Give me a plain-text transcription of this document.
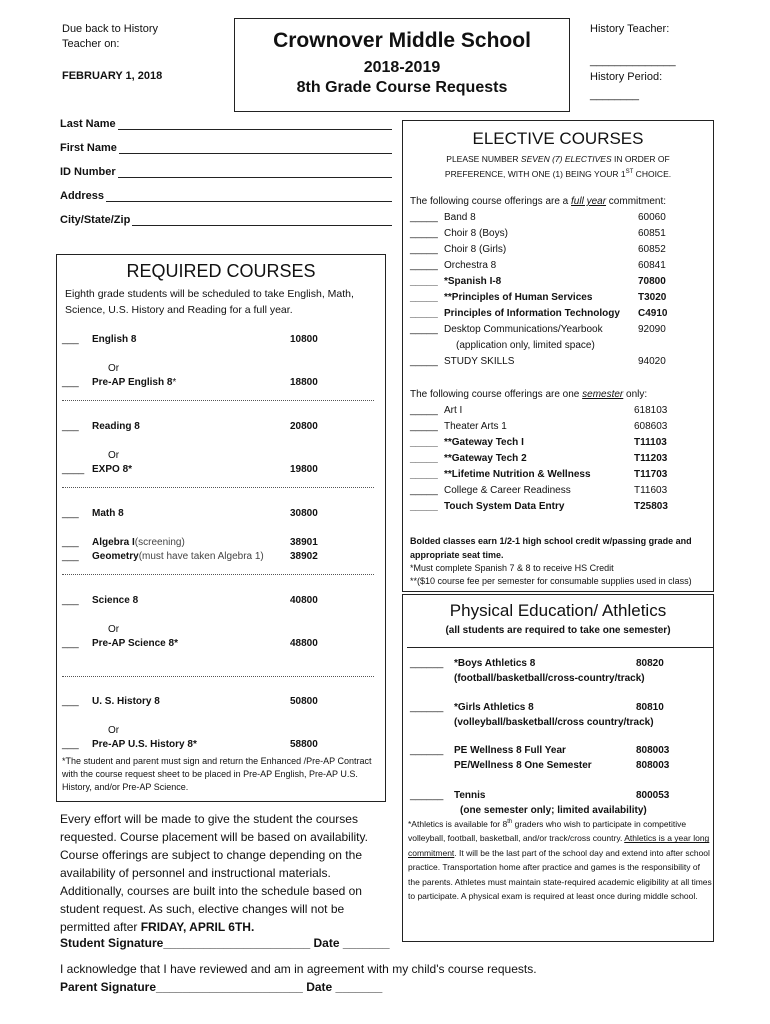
Due back to History
Teacher on:
FEBRUARY 1, 2018
Crownover Middle School
2018-2019
8th Grade Course Requests
History Teacher:
______________
History Period:
________
Last Name
First Name
ID Number
Address
City/State/Zip
REQUIRED COURSES
Eighth grade students will be scheduled to take English, Math, Science, U.S. History and Reading for a full year.
___	English 8	10800
Or
___	Pre-AP English 8 *	18800
___	Reading 8	20800
Or
____ EXPO 8*	19800
___	Math 8	30800
___	Algebra I (screening)	38901
___	Geometry (must have taken Algebra 1)	38902
___	Science 8	40800
Or
___	Pre-AP Science 8*	48800
___	U. S. History 8	50800
Or
___	Pre-AP U.S. History 8*	58800
*The student and parent must sign and return the Enhanced /Pre-AP Contract with the course request sheet to be placed in Pre-AP English, Pre-AP U.S. History, and/or Pre-AP Science.
Every effort will be made to give the student the courses requested. Course placement will be based on availability. Course offerings are subject to change depending on the availability of personnel and instructional materials. Additionally, courses are built into the schedule based on student request. As such, elective changes will not be permitted after FRIDAY, APRIL 6TH.
Student Signature______________________ Date _______
I acknowledge that I have reviewed and am in agreement with my child's course requests.
Parent Signature______________________ Date _______
ELECTIVE COURSES
PLEASE NUMBER SEVEN (7) ELECTIVES IN ORDER OF PREFERENCE, WITH ONE (1) BEING YOUR 1ST CHOICE.
The following course offerings are a full year commitment:
_____ Band 8	60060
_____ Choir 8 (Boys)	60851
_____ Choir 8 (Girls)	60852
_____ Orchestra 8	60841
_____ *Spanish I-8	70800
_____ **Principles of Human Services	T3020
_____ Principles of Information Technology C4910
_____ Desktop Communications/Yearbook	92090
(application only, limited space)
_____ STUDY SKILLS	94020
The following course offerings are one semester only:
_____ Art I	618103
_____ Theater Arts 1	608603
_____ **Gateway Tech I	T11103
_____ **Gateway Tech 2	T11203
_____ **Lifetime Nutrition & Wellness	T11703
_____ College & Career Readiness	T11603
_____ Touch System Data Entry	T25803
Bolded classes earn 1/2-1 high school credit w/passing grade and appropriate seat time.
*Must complete Spanish 7 & 8 to receive HS Credit
**($10 course fee per semester for consumable supplies used in class)
Physical Education/ Athletics
(all students are required to take one semester)
______ *Boys Athletics 8	80820
(football/basketball/cross-country/track)
______ *Girls Athletics 8	80810
(volleyball/basketball/cross country/track)
______ PE Wellness 8 Full Year	808003
PE/Wellness 8 One Semester	808003
______ Tennis	800053
(one semester only; limited availability)
*Athletics is available for 8th graders who wish to participate in competitive volleyball, football, basketball, and/or track/cross country. Athletics is a year long commitment. It will be the last part of the school day and extend into after school practice. Transportation home after practice and games is the responsibility of the parents. Athletes must maintain state-required academic eligibility at all times to participate. A physical exam is required at least once during middle school.
